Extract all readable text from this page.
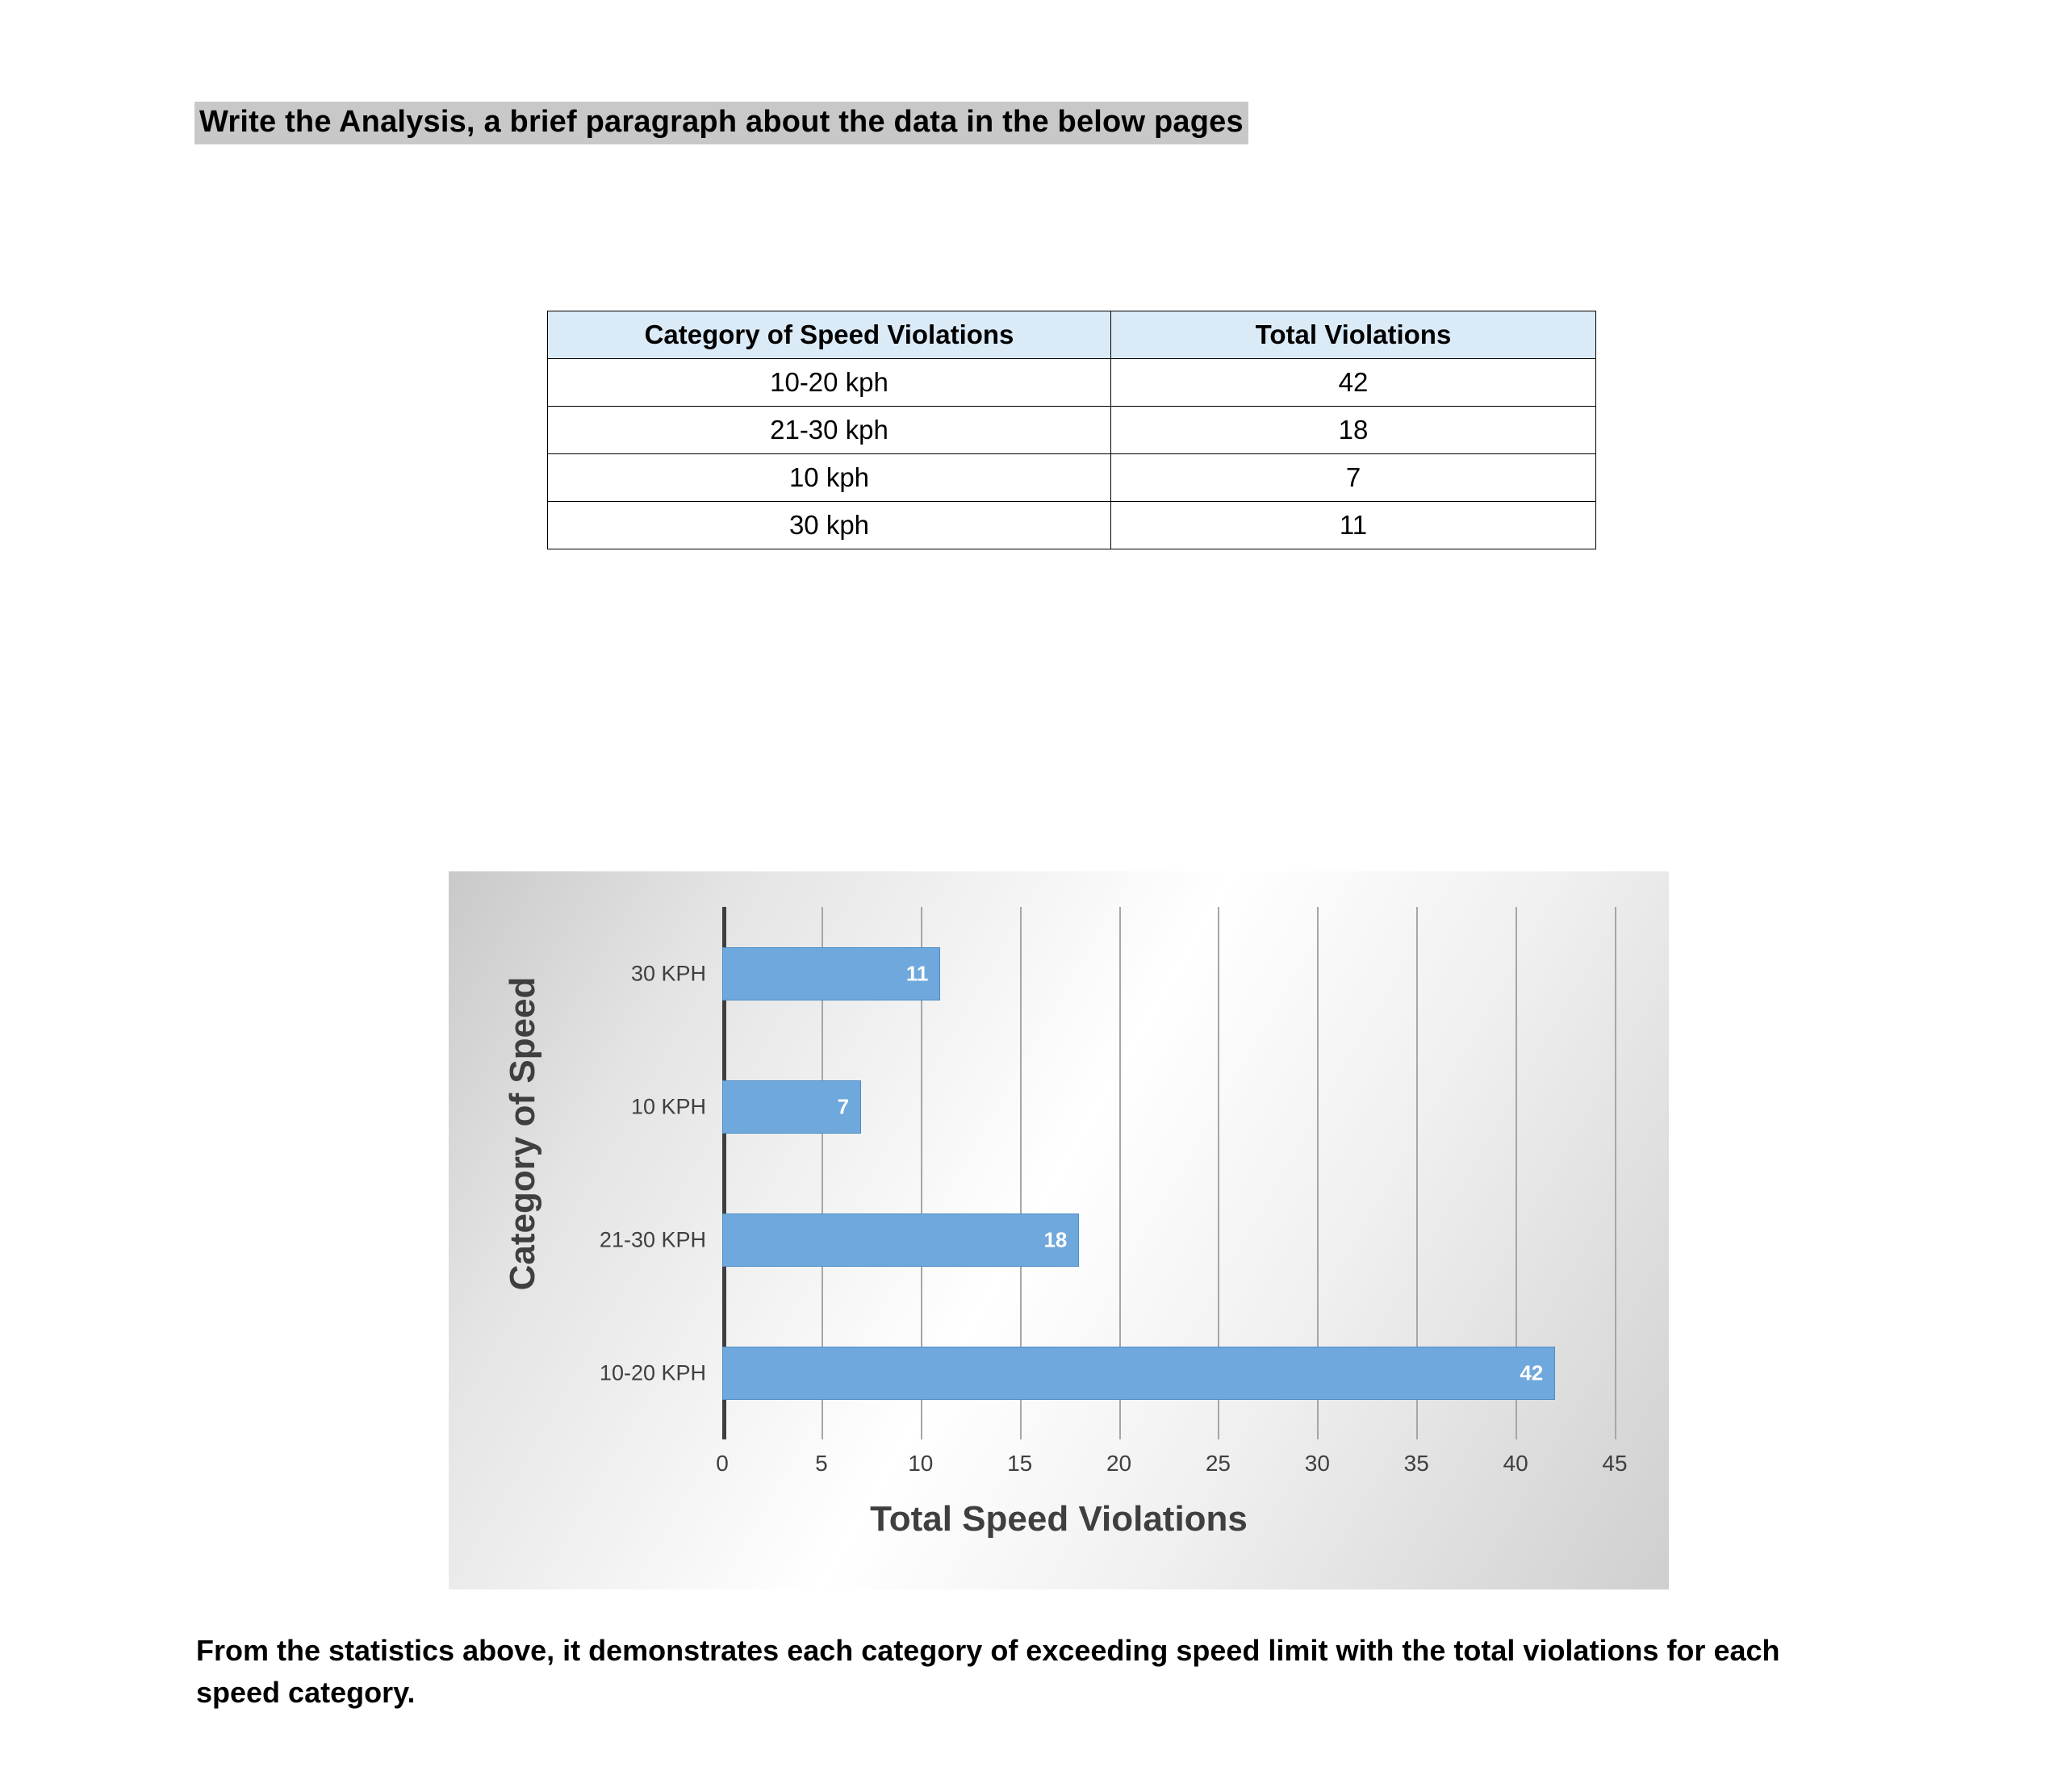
Write the Analysis, a brief paragraph about the data in the below pages
Category of Speed Violations	Total Violations
10-20 kph	42
21-30 kph	18
10 kph	7
30 kph	11
11
7
18
42
30 KPH
10 KPH
21-30 KPH
10-20 KPH
0	5	10	15	20	25	30	35	40	45
Total Speed Violations
Category of Speed
From the statistics above, it demonstrates each category of exceeding speed limit with the total violations for each speed category.
